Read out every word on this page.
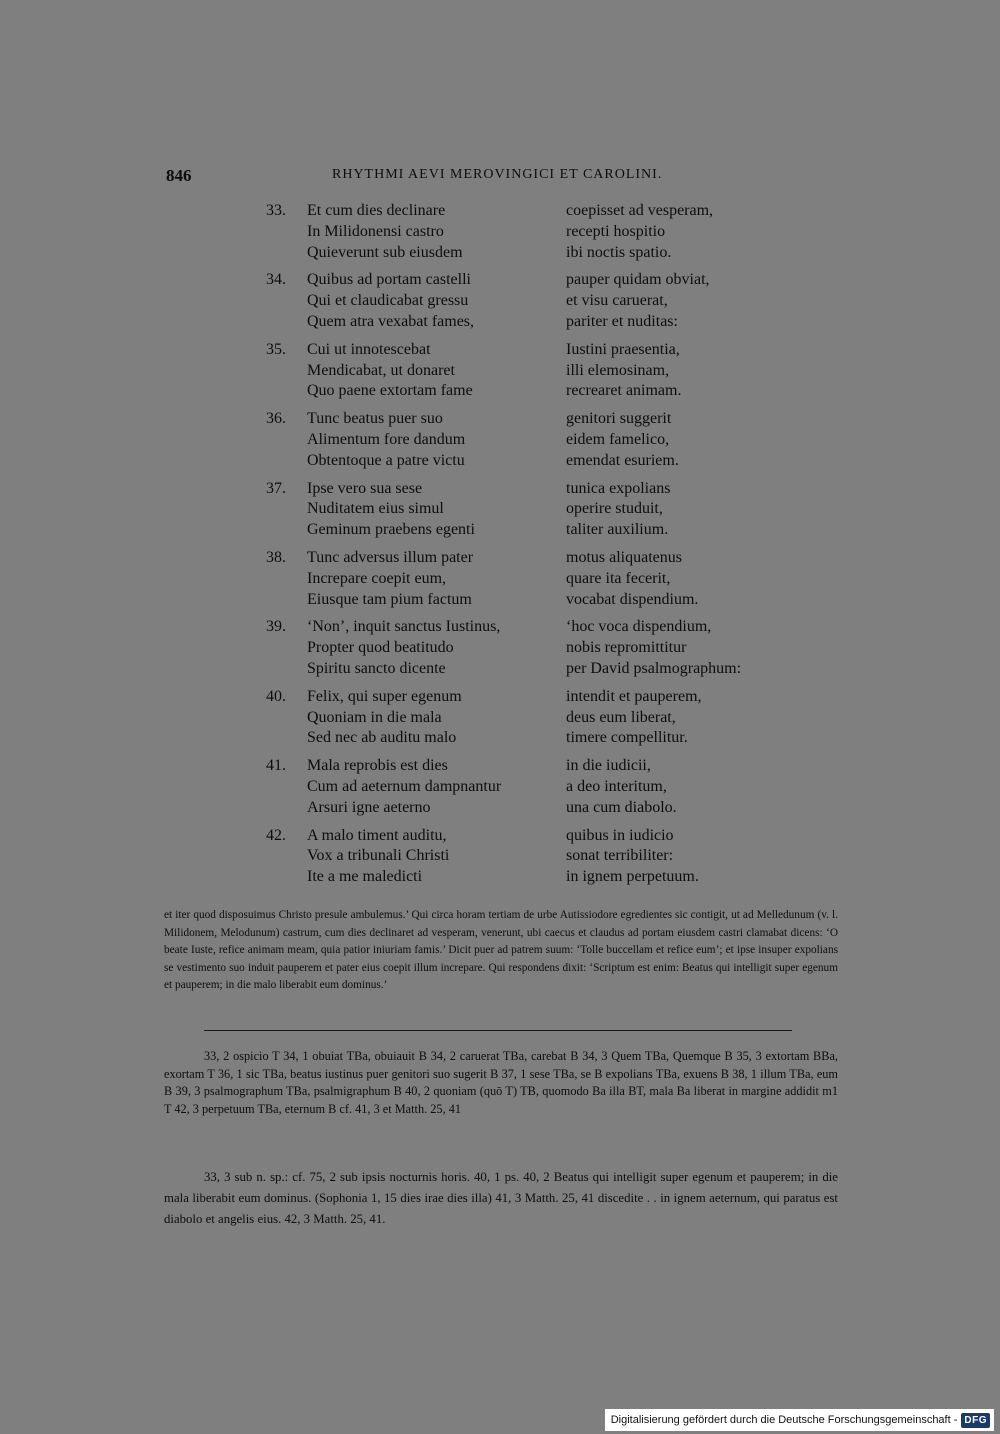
846	RHYTHMI AEVI MEROVINGICI ET CAROLINI.
33.	Et cum dies declinare	coepisset ad vesperam,
In Milidonensi castro	recepti hospitio
Quieverunt sub eiusdem	ibi noctis spatio.
34.	Quibus ad portam castelli	pauper quidam obviat,
Qui et claudicabat gressu	et visu caruerat,
Quem atra vexabat fames,	pariter et nuditas:
35.	Cui ut innotescebat	Iustini praesentia,
Mendicabat, ut donaret	illi elemosinam,
Quo paene extortam fame	recrearet animam.
36.	Tunc beatus puer suo	genitori suggerit
Alimentum fore dandum	eidem famelico,
Obtentoque a patre victu	emendat esuriem.
37.	Ipse vero sua sese	tunica expolians
Nuditatem eius simul	operire studuit,
Geminum praebens egenti	taliter auxilium.
38.	Tunc adversus illum pater	motus aliquatenus
Increpare coepit eum,	quare ita fecerit,
Eiusque tam pium factum	vocabat dispendium.
39.	‘Non’, inquit sanctus Iustinus,	‘hoc voca dispendium,
Propter quod beatitudo	nobis repromittitur
Spiritu sancto dicente	per David psalmographum:
40.	Felix, qui super egenum	intendit et pauperem,
Quoniam in die mala	deus eum liberat,
Sed nec ab auditu malo	timere compellitur.
41.	Mala reprobis est dies	in die iudicii,
Cum ad aeternum dampnantur	a deo interitum,
Arsuri igne aeterno	una cum diabolo.
42.	A malo timent auditu,	quibus in iudicio
Vox a tribunali Christi	sonat terribiliter:
Ite a me maledicti	in ignem perpetuum.

et iter quod disposuimus Christo presule ambulemus.’ Qui circa horam tertiam de urbe Autissiodore egredientes sic contigit, ut ad Melledunum (v. l. Milidonem, Melodunum) castrum, cum dies declinaret ad vesperam, venerunt, ubi caecus et claudus ad portam eiusdem castri clamabat dicens: ‘O beate Iuste, refice animam meam, quia patior iniuriam famis.’ Dicit puer ad patrem suum: ‘Tolle buccellam et refice eum’; et ipse insuper expolians se vestimento suo induit pauperem et pater eius coepit illum increpare. Qui respondens dixit: ‘Scriptum est enim: Beatus qui intelligit super egenum et pauperem; in die malo liberabit eum dominus.’

33, 2 ospicio T 34, 1 obuiat TBa, obuiauit B 34, 2 caruerat TBa, carebat B 34, 3 Quem TBa, Quemque B 35, 3 extortam BBa, exortam T 36, 1 sic TBa, beatus iustinus puer genitori suo sugerit B 37, 1 sese TBa, se B expolians TBa, exuens B 38, 1 illum TBa, eum B 39, 3 psalmographum TBa, psalmigraphum B 40, 2 quoniam (quō T) TB, quomodo Ba illa BT, mala Ba liberat in margine addidit m1 T 42, 3 perpetuum TBa, eternum B cf. 41, 3 et Matth. 25, 41

33, 3 sub n. sp.: cf. 75, 2 sub ipsis nocturnis horis. 40, 1 ps. 40, 2 Beatus qui intelligit super egenum et pauperem; in die mala liberabit eum dominus. (Sophonia 1, 15 dies irae dies illa) 41, 3 Matth. 25, 41 discedite . . in ignem aeternum, qui paratus est diabolo et angelis eius. 42, 3 Matth. 25, 41.

Digitalisierung gefördert durch die Deutsche Forschungsgemeinschaft - DFG
